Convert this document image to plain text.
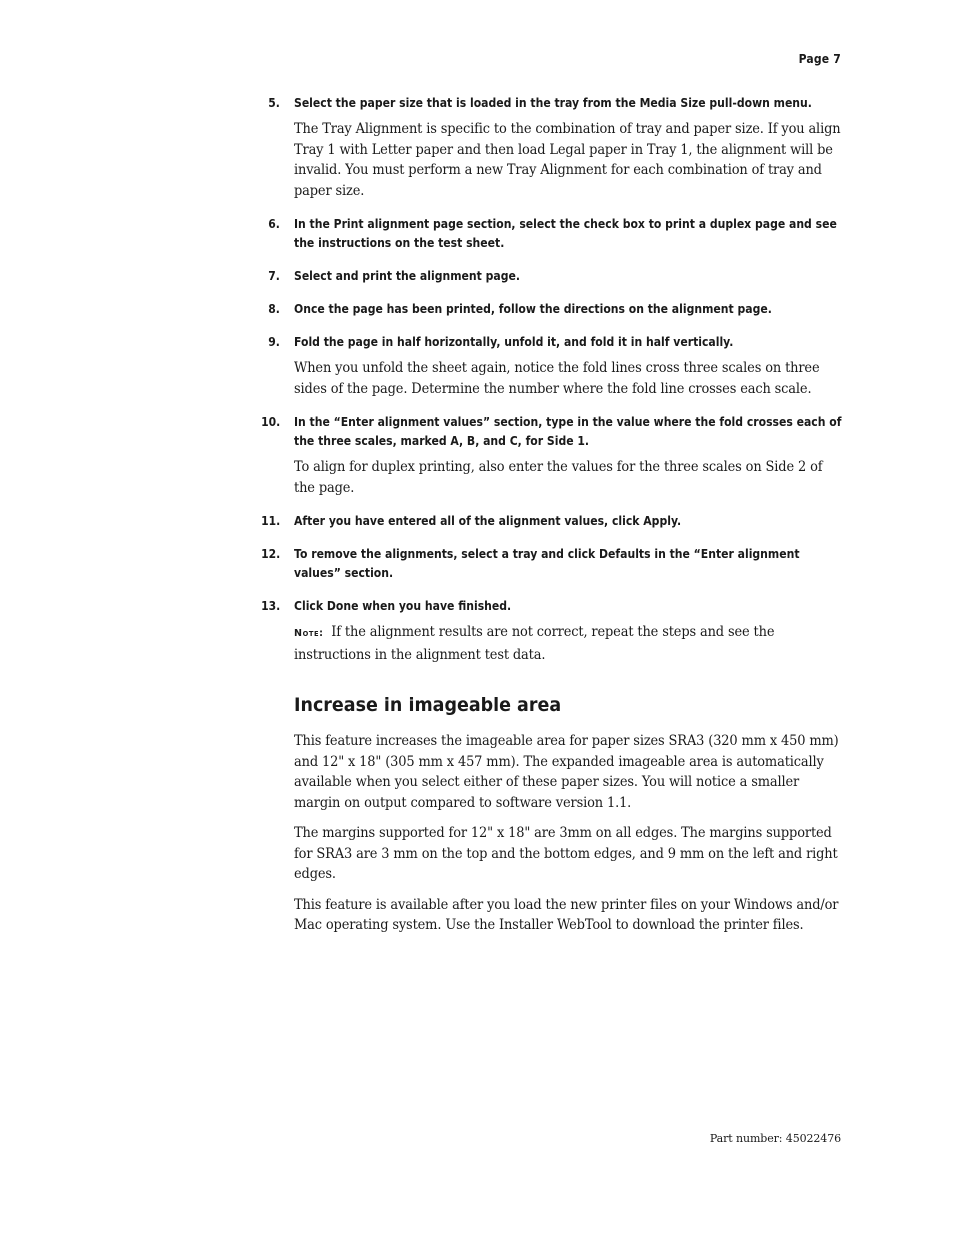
Page 7
5. Select the paper size that is loaded in the tray from the Media Size pull-down menu.

The Tray Alignment is specific to the combination of tray and paper size. If you align Tray 1 with Letter paper and then load Legal paper in Tray 1, the alignment will be invalid. You must perform a new Tray Alignment for each combination of tray and paper size.

6. In the Print alignment page section, select the check box to print a duplex page and see the instructions on the test sheet.
7. Select and print the alignment page.
8. Once the page has been printed, follow the directions on the alignment page.
9. Fold the page in half horizontally, unfold it, and fold it in half vertically.

When you unfold the sheet again, notice the fold lines cross three scales on three sides of the page. Determine the number where the fold line crosses each scale.

10. In the “Enter alignment values” section, type in the value where the fold crosses each of the three scales, marked A, B, and C, for Side 1.

To align for duplex printing, also enter the values for the three scales on Side 2 of the page.

11. After you have entered all of the alignment values, click Apply.
12. To remove the alignments, select a tray and click Defaults in the “Enter alignment values” section.
13. Click Done when you have finished.

Note: If the alignment results are not correct, repeat the steps and see the instructions in the alignment test data.

Increase in imageable area

This feature increases the imageable area for paper sizes SRA3 (320 mm x 450 mm) and 12" x 18" (305 mm x 457 mm). The expanded imageable area is automatically available when you select either of these paper sizes. You will notice a smaller margin on output compared to software version 1.1.

The margins supported for 12" x 18" are 3mm on all edges. The margins supported for SRA3 are 3 mm on the top and the bottom edges, and 9 mm on the left and right edges.

This feature is available after you load the new printer files on your Windows and/or Mac operating system. Use the Installer WebTool to download the printer files.

Part number: 45022476
